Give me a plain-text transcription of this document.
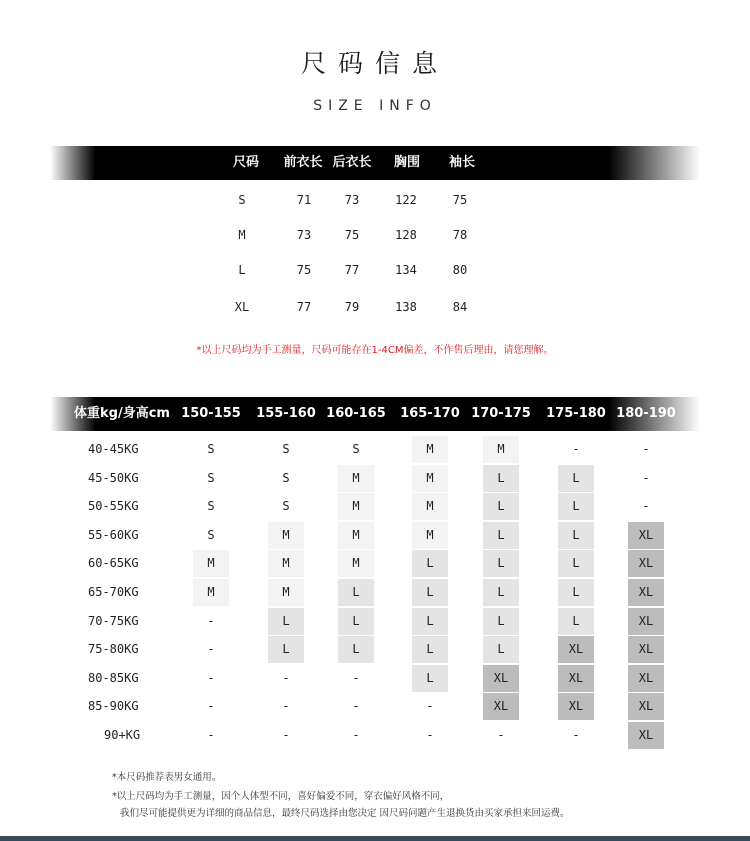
尺码信息
SIZE INFO
尺码	前衣长 后衣长	胸围	袖长
S	71	73	122	75
M	73	75	128	78
L	75	77	134	80
XL	77	79	138	84
*以上尺码均为手工测量，尺码可能存在1-4CM偏差，不作售后理由，请您理解。
体重kg/身高cm 150-155	155-160 160-165	165-170 170-175	175-180 180-190
40-45KG	S	S	S	M	M	-	-
45-50KG	S	S	M	M	L	L	-
50-55KG	S	S	M	M	L	L	-
55-60KG	S	M	M	M	L	L	XL
60-65KG	M	M	M	L	L	L	XL
65-70KG	M	M	L	L	L	L	XL
70-75KG	-	L	L	L	L	L	XL
75-80KG	-	L	L	L	L	XL	XL
80-85KG	-	-	-	L	XL	XL	XL
85-90KG	-	-	-	-	XL	XL	XL
90+KG	-	-	-	-	-	-	XL
*本尺码推荐表男女通用。
*以上尺码均为手工测量，因个人体型不同，喜好偏爱不同，穿衣偏好风格不同，
我们尽可能提供更为详细的商品信息，最终尺码选择由您决定 因尺码问题产生退换货由买家承担来回运费。
